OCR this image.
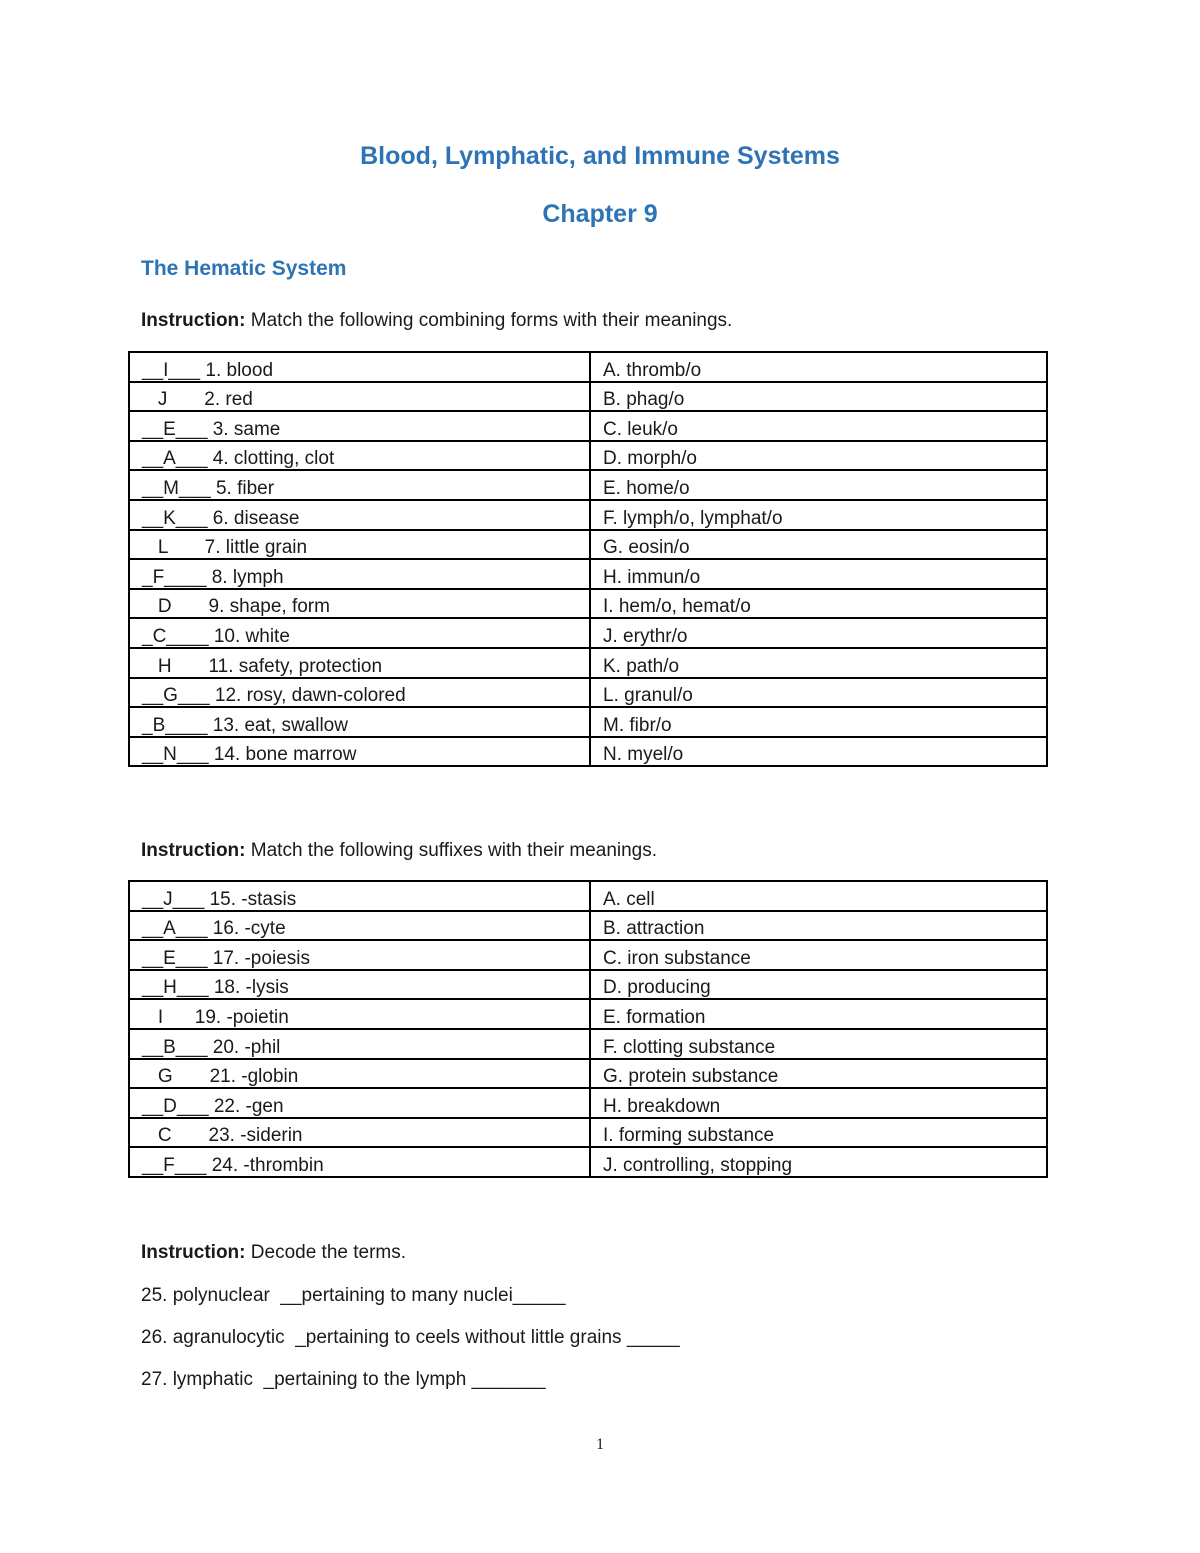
Blood, Lymphatic, and Immune Systems
Chapter 9
The Hematic System

Instruction: Match the following combining forms with their meanings.

__I___ 1. blood	A. thromb/o
J       2. red	B. phag/o
__E___ 3. same	C. leuk/o
__A___ 4. clotting, clot	D. morph/o
__M___ 5. fiber	E. home/o
__K___ 6. disease	F. lymph/o, lymphat/o
L       7. little grain	G. eosin/o
_F____ 8. lymph	H. immun/o
D       9. shape, form	I. hem/o, hemat/o
_C____ 10. white	J. erythr/o
H       11. safety, protection	K. path/o
__G___ 12. rosy, dawn-colored	L. granul/o
_B____ 13. eat, swallow	M. fibr/o
__N___ 14. bone marrow	N. myel/o

Instruction: Match the following suffixes with their meanings.

__J___ 15. -stasis	A. cell
__A___ 16. -cyte	B. attraction
__E___ 17. -poiesis	C. iron substance
__H___ 18. -lysis	D. producing
I      19. -poietin	E. formation
__B___ 20. -phil	F. clotting substance
G       21. -globin	G. protein substance
__D___ 22. -gen	H. breakdown
C       23. -siderin	I. forming substance
__F___ 24. -thrombin	J. controlling, stopping

Instruction: Decode the terms.

25. polynuclear  __pertaining to many nuclei_____

26. agranulocytic  _pertaining to ceels without little grains _____

27. lymphatic  _pertaining to the lymph _______

1
